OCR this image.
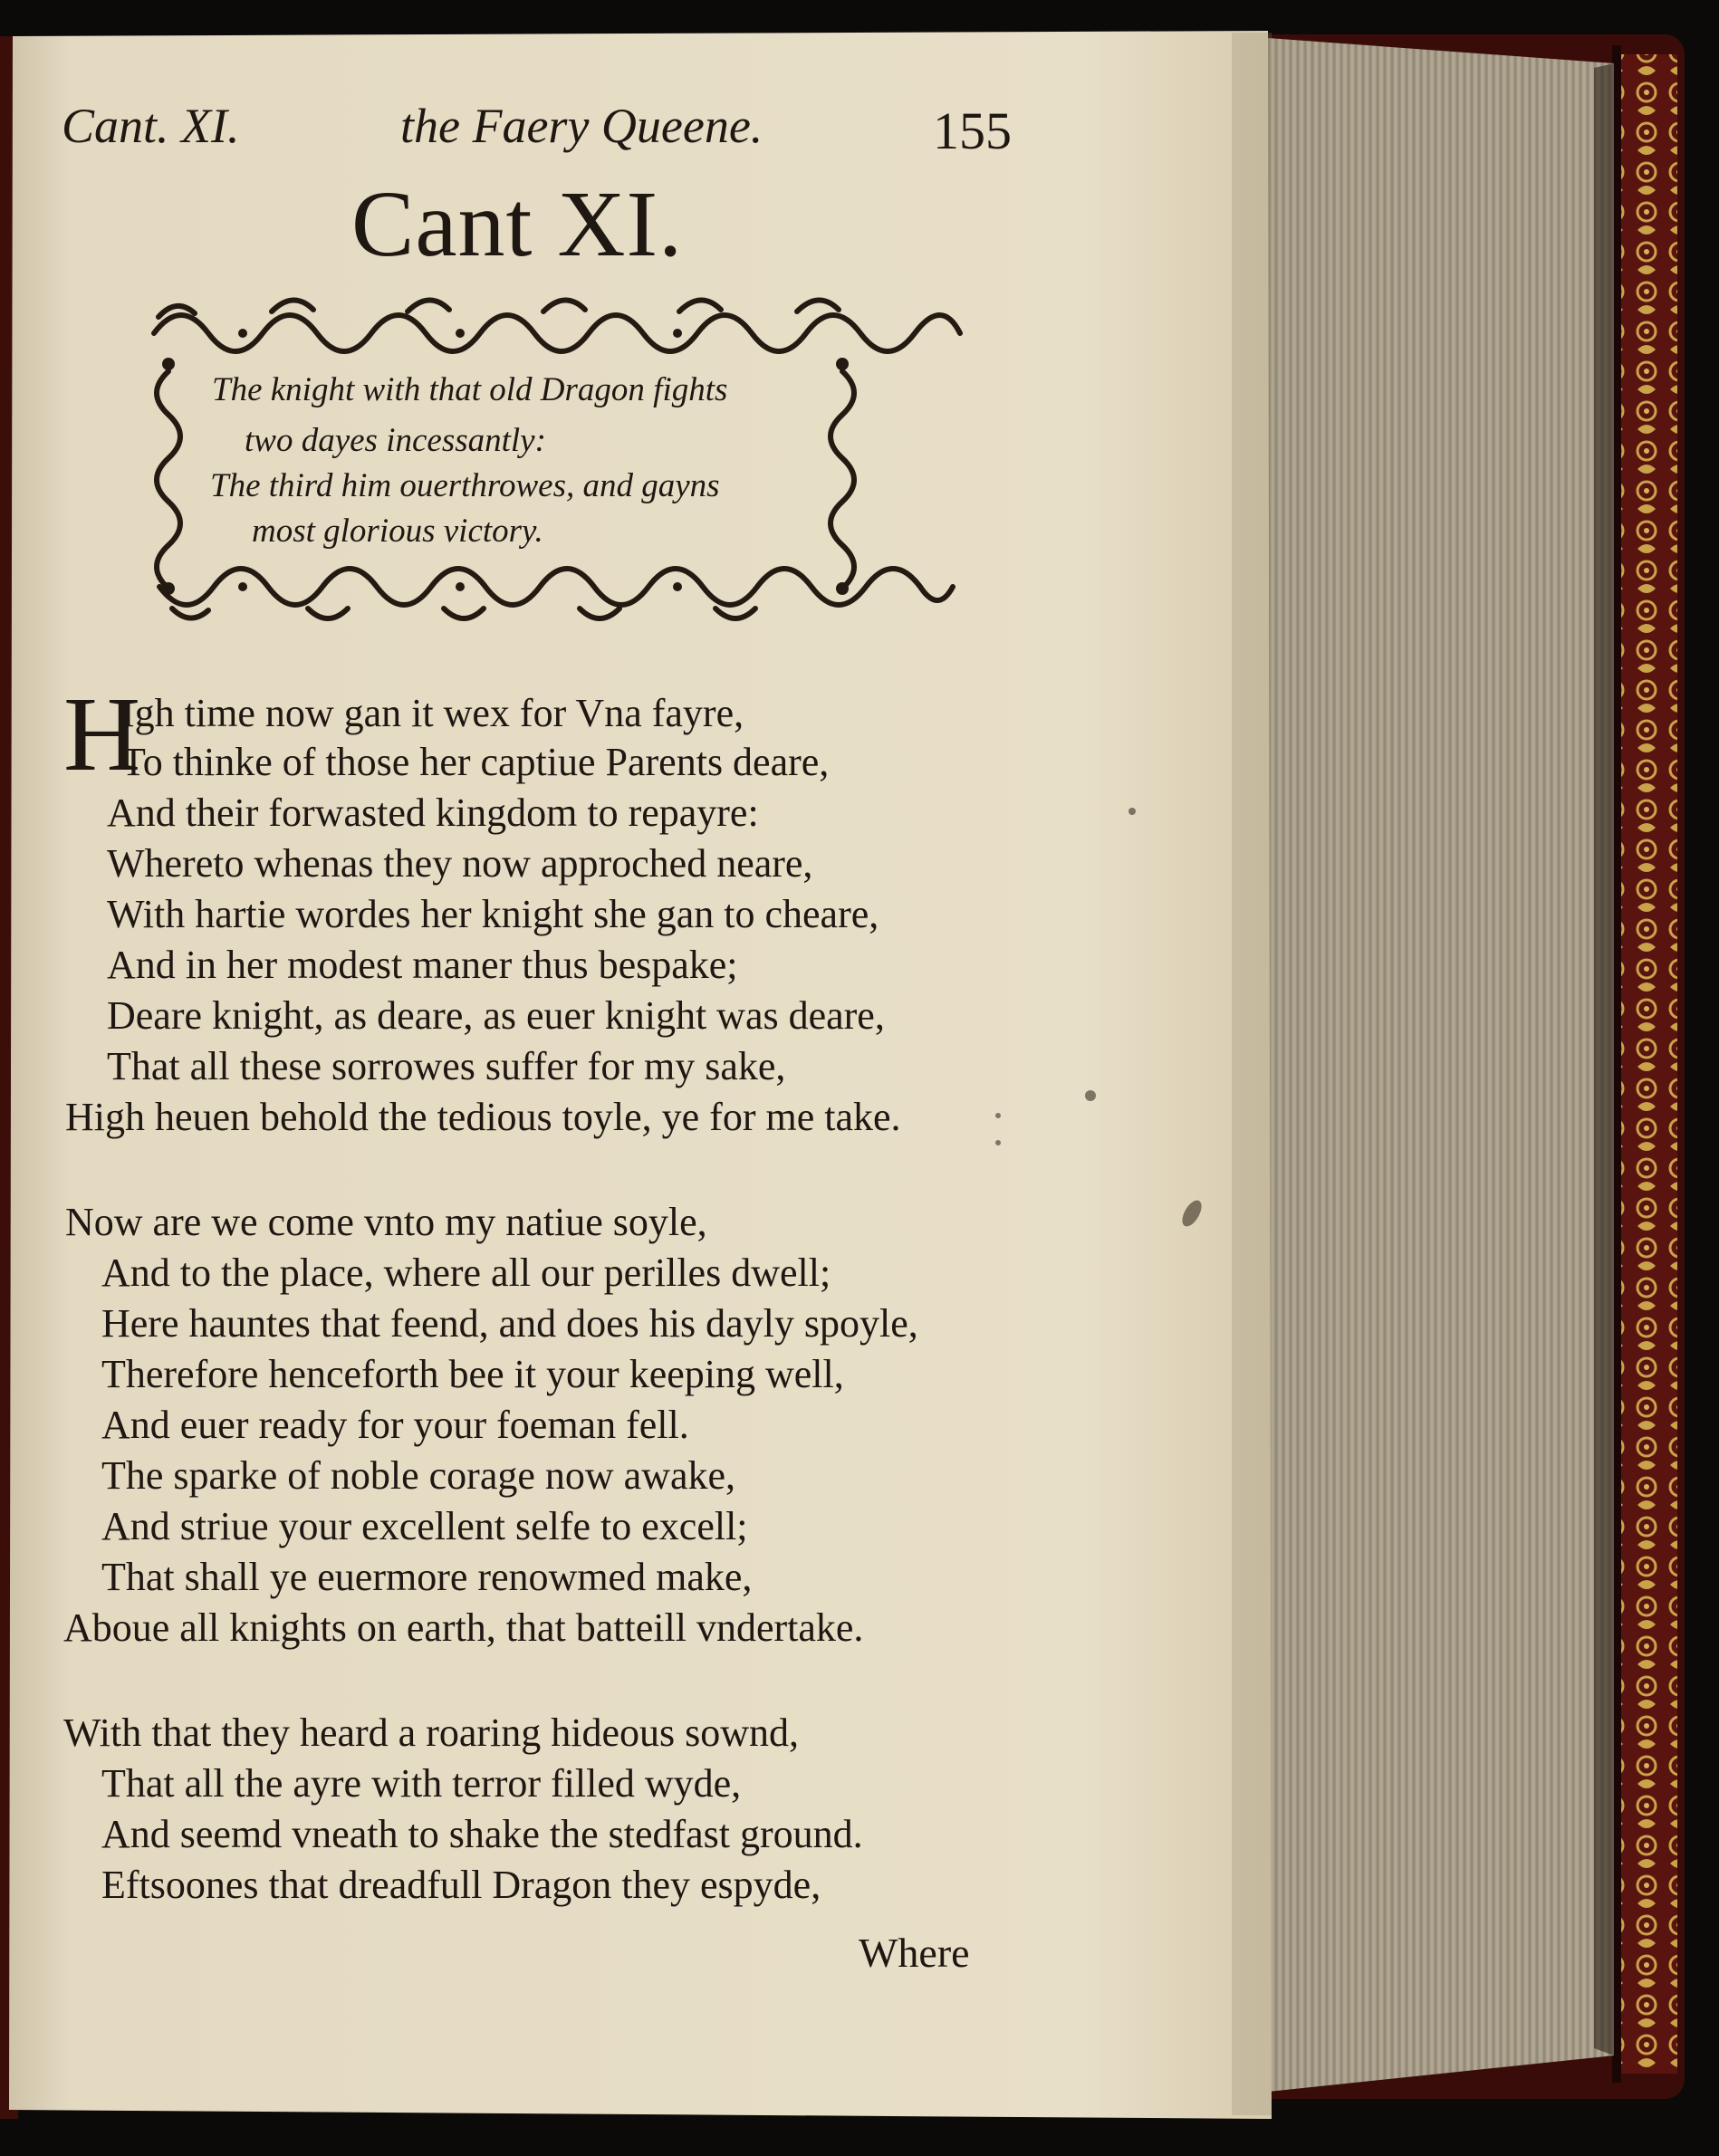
Cant. XI.	the Faery Queene.	155
Cant XI.
The knight with that old Dragon fights
two dayes incessantly:
The third him ouerthrowes, and gayns
most glorious victory.
H
Igh time now gan it wex for Vna fayre,
To thinke of those her captiue Parents deare,
And their forwasted kingdom to repayre:
Whereto whenas they now approched neare,
With hartie wordes her knight she gan to cheare,
And in her modest maner thus bespake;
Deare knight, as deare, as euer knight was deare,
That all these sorrowes suffer for my sake,
High heuen behold the tedious toyle, ye for me take.
Now are we come vnto my natiue soyle,
And to the place, where all our perilles dwell;
Here hauntes that feend, and does his dayly spoyle,
Therefore henceforth bee it your keeping well,
And euer ready for your foeman fell.
The sparke of noble corage now awake,
And striue your excellent selfe to excell;
That shall ye euermore renowmed make,
Aboue all knights on earth, that batteill vndertake.
With that they heard a roaring hideous sownd,
That all the ayre with terror filled wyde,
And seemd vneath to shake the stedfast ground.
Eftsoones that dreadfull Dragon they espyde,
Where
